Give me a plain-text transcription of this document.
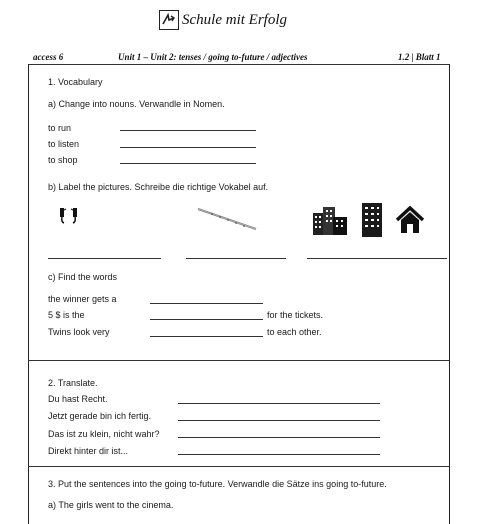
Schule mit Erfolg
access 6	Unit 1 – Unit 2: tenses / going to-future / adjectives	1.2 | Blatt 1
1. Vocabulary
a) Change into nouns. Verwandle in Nomen.
to run
to listen
to shop
b) Label the pictures. Schreibe die richtige Vokabel auf.
c) Find the words
the winner gets a
5 $ is the	for the tickets.
Twins look very	to each other.
2. Translate.
Du hast Recht.
Jetzt gerade bin ich fertig.
Das ist zu klein, nicht wahr?
Direkt hinter dir ist...
3. Put the sentences into the going to-future. Verwandle die Sätze ins going to-future.
a) The girls went to the cinema.
